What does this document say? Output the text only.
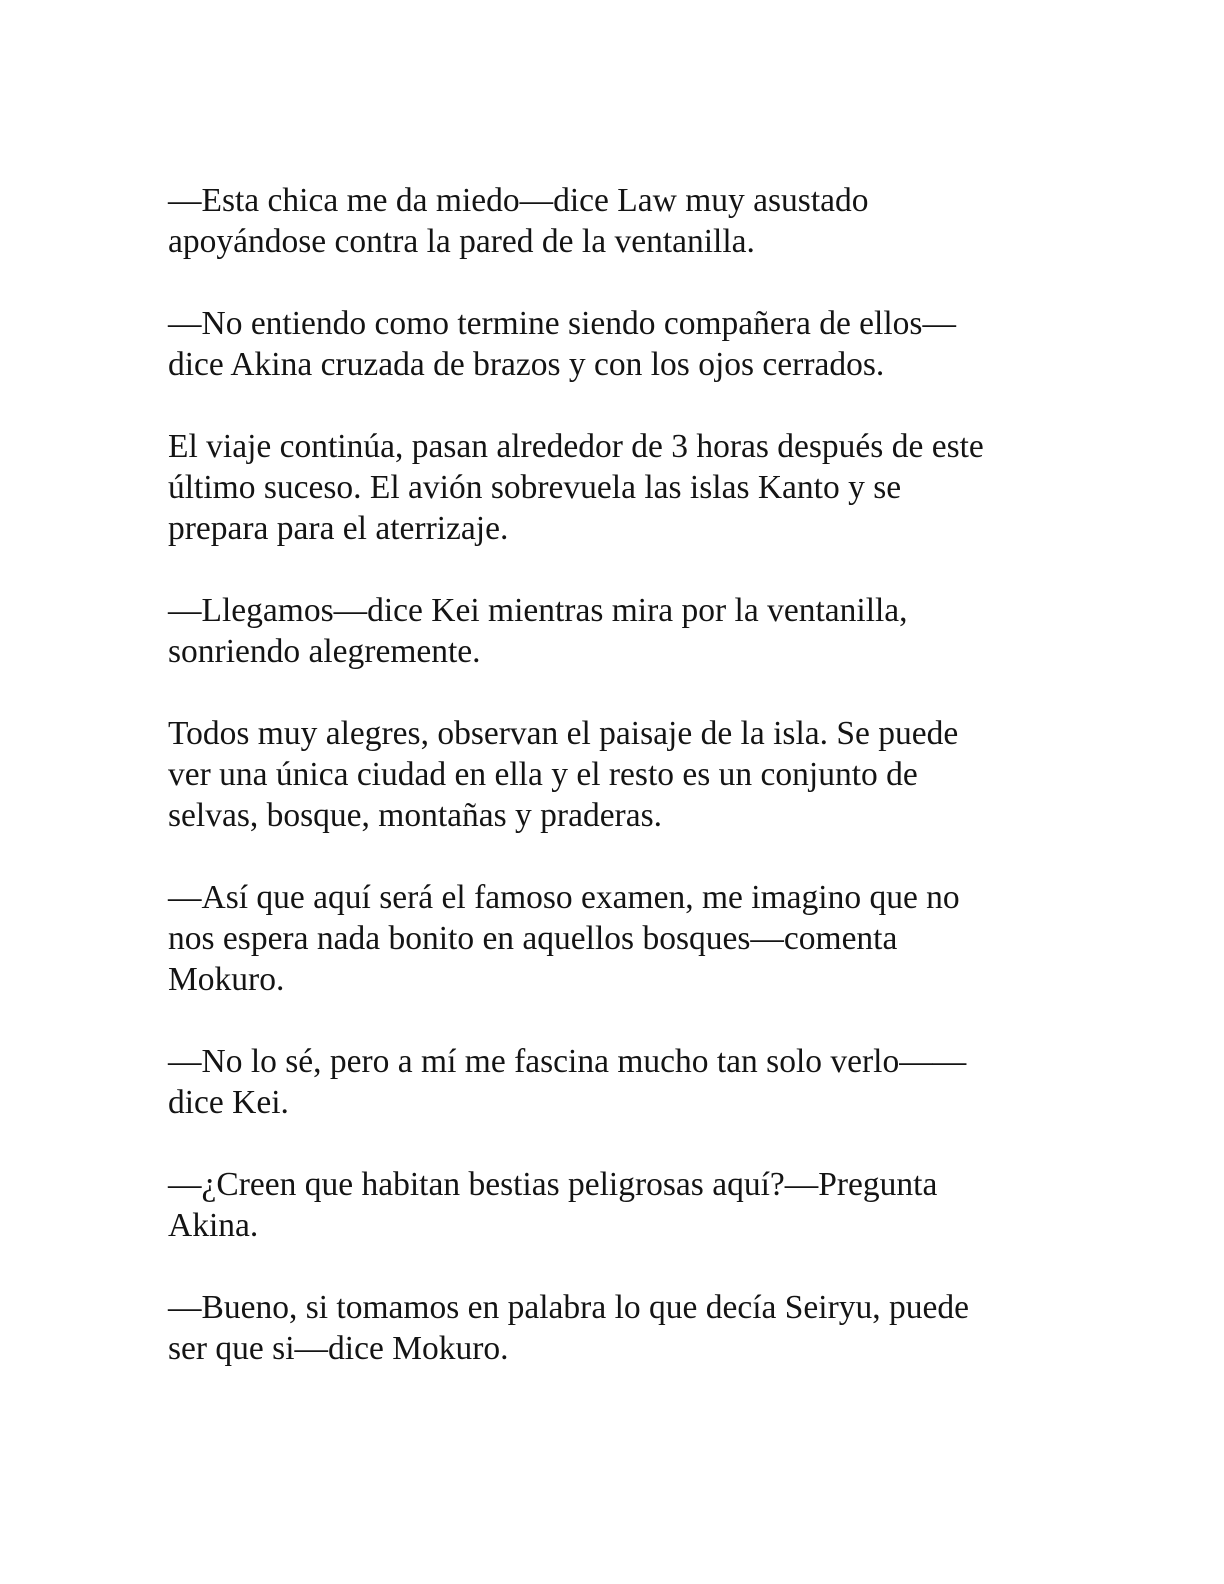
—Esta chica me da miedo—dice Law muy asustado
apoyándose contra la pared de la ventanilla.

—No entiendo como termine siendo compañera de ellos—
dice Akina cruzada de brazos y con los ojos cerrados.

El viaje continúa, pasan alrededor de 3 horas después de este
último suceso. El avión sobrevuela las islas Kanto y se
prepara para el aterrizaje.

—Llegamos—dice Kei mientras mira por la ventanilla,
sonriendo alegremente.

Todos muy alegres, observan el paisaje de la isla. Se puede
ver una única ciudad en ella y el resto es un conjunto de
selvas, bosque, montañas y praderas.

—Así que aquí será el famoso examen, me imagino que no
nos espera nada bonito en aquellos bosques—comenta
Mokuro.

—No lo sé, pero a mí me fascina mucho tan solo verlo——
dice Kei.

—¿Creen que habitan bestias peligrosas aquí?—Pregunta
Akina.

—Bueno, si tomamos en palabra lo que decía Seiryu, puede
ser que si—dice Mokuro.
